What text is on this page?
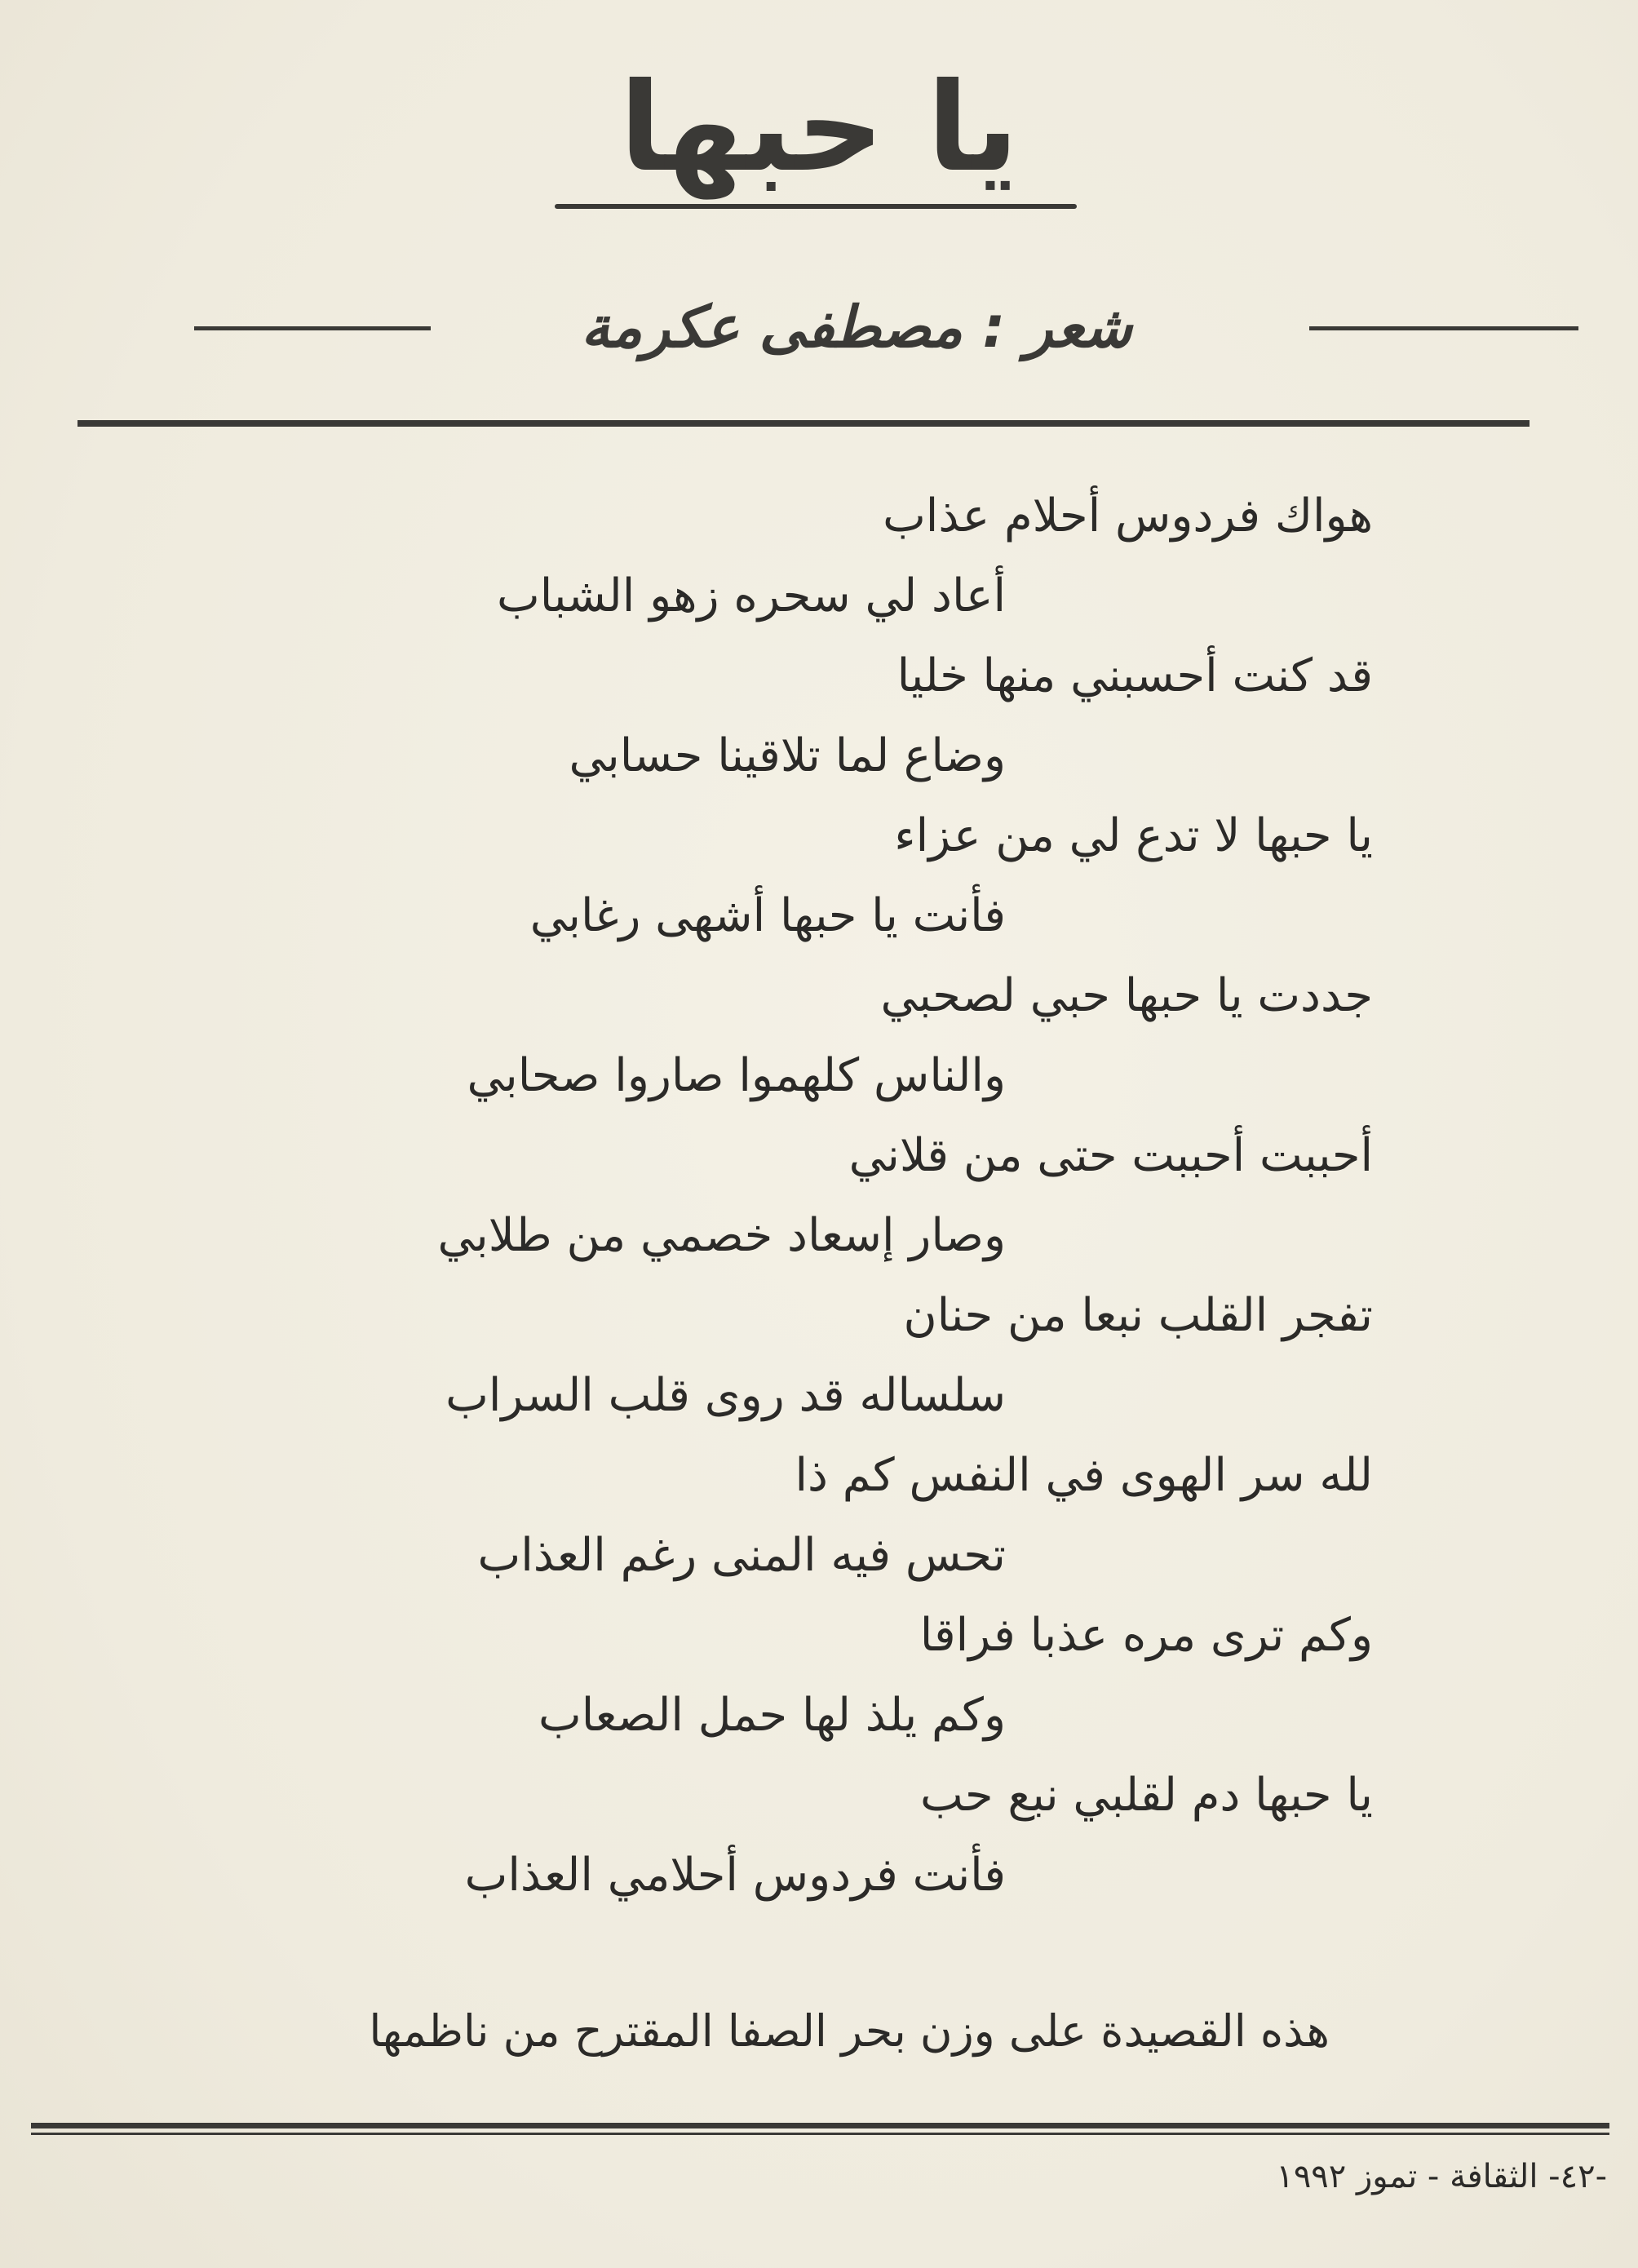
يا حبها
شعر : مصطفى عكرمة
هواك فردوس أحلام عذاب
أعاد لي سحره زهو الشباب
قد كنت أحسبني منها خليا
وضاع لما تلاقينا حسابي
يا حبها لا تدع لي من عزاء
فأنت يا حبها أشهى رغابي
جددت يا حبها حبي لصحبي
والناس كلهموا صاروا صحابي
أحببت أحببت حتى من قلاني
وصار إسعاد خصمي من طلابي
تفجر القلب نبعا من حنان
سلساله قد روى قلب السراب
لله سر الهوى في النفس كم ذا
تحس فيه المنى رغم العذاب
وكم ترى مره عذبا فراقا
وكم يلذ لها حمل الصعاب
يا حبها دم لقلبي نبع حب
فأنت فردوس أحلامي العذاب
هذه القصيدة على وزن بحر الصفا المقترح من ناظمها
-٤٢- الثقافة - تموز ١٩٩٢
